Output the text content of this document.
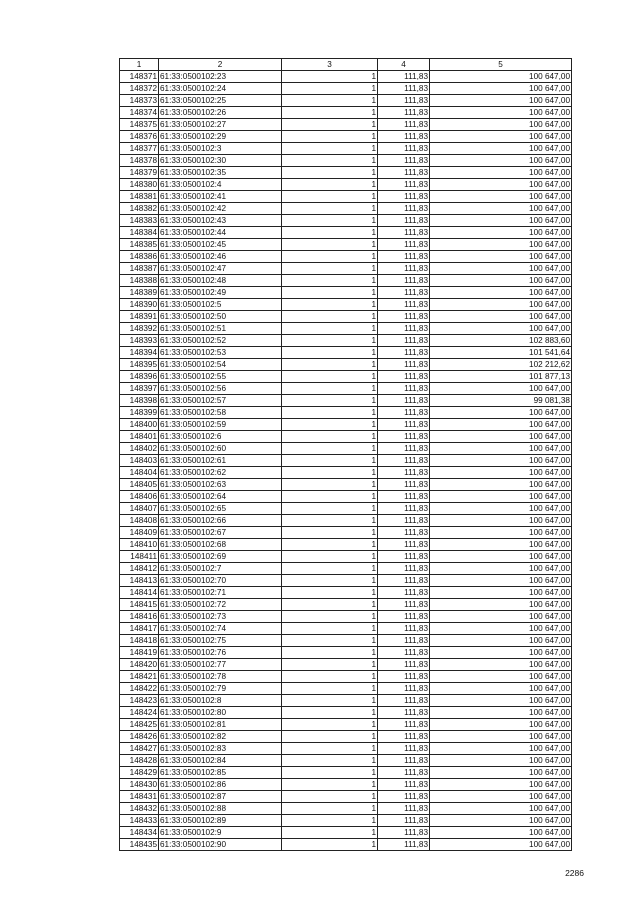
1	2	3	4	5
148371	61:33:0500102:23	1	111,83	100 647,00
148372	61:33:0500102:24	1	111,83	100 647,00
148373	61:33:0500102:25	1	111,83	100 647,00
148374	61:33:0500102:26	1	111,83	100 647,00
148375	61:33:0500102:27	1	111,83	100 647,00
148376	61:33:0500102:29	1	111,83	100 647,00
148377	61:33:0500102:3	1	111,83	100 647,00
148378	61:33:0500102:30	1	111,83	100 647,00
148379	61:33:0500102:35	1	111,83	100 647,00
148380	61:33:0500102:4	1	111,83	100 647,00
148381	61:33:0500102:41	1	111,83	100 647,00
148382	61:33:0500102:42	1	111,83	100 647,00
148383	61:33:0500102:43	1	111,83	100 647,00
148384	61:33:0500102:44	1	111,83	100 647,00
148385	61:33:0500102:45	1	111,83	100 647,00
148386	61:33:0500102:46	1	111,83	100 647,00
148387	61:33:0500102:47	1	111,83	100 647,00
148388	61:33:0500102:48	1	111,83	100 647,00
148389	61:33:0500102:49	1	111,83	100 647,00
148390	61:33:0500102:5	1	111,83	100 647,00
148391	61:33:0500102:50	1	111,83	100 647,00
148392	61:33:0500102:51	1	111,83	100 647,00
148393	61:33:0500102:52	1	111,83	102 883,60
148394	61:33:0500102:53	1	111,83	101 541,64
148395	61:33:0500102:54	1	111,83	102 212,62
148396	61:33:0500102:55	1	111,83	101 877,13
148397	61:33:0500102:56	1	111,83	100 647,00
148398	61:33:0500102:57	1	111,83	99 081,38
148399	61:33:0500102:58	1	111,83	100 647,00
148400	61:33:0500102:59	1	111,83	100 647,00
148401	61:33:0500102:6	1	111,83	100 647,00
148402	61:33:0500102:60	1	111,83	100 647,00
148403	61:33:0500102:61	1	111,83	100 647,00
148404	61:33:0500102:62	1	111,83	100 647,00
148405	61:33:0500102:63	1	111,83	100 647,00
148406	61:33:0500102:64	1	111,83	100 647,00
148407	61:33:0500102:65	1	111,83	100 647,00
148408	61:33:0500102:66	1	111,83	100 647,00
148409	61:33:0500102:67	1	111,83	100 647,00
148410	61:33:0500102:68	1	111,83	100 647,00
148411	61:33:0500102:69	1	111,83	100 647,00
148412	61:33:0500102:7	1	111,83	100 647,00
148413	61:33:0500102:70	1	111,83	100 647,00
148414	61:33:0500102:71	1	111,83	100 647,00
148415	61:33:0500102:72	1	111,83	100 647,00
148416	61:33:0500102:73	1	111,83	100 647,00
148417	61:33:0500102:74	1	111,83	100 647,00
148418	61:33:0500102:75	1	111,83	100 647,00
148419	61:33:0500102:76	1	111,83	100 647,00
148420	61:33:0500102:77	1	111,83	100 647,00
148421	61:33:0500102:78	1	111,83	100 647,00
148422	61:33:0500102:79	1	111,83	100 647,00
148423	61:33:0500102:8	1	111,83	100 647,00
148424	61:33:0500102:80	1	111,83	100 647,00
148425	61:33:0500102:81	1	111,83	100 647,00
148426	61:33:0500102:82	1	111,83	100 647,00
148427	61:33:0500102:83	1	111,83	100 647,00
148428	61:33:0500102:84	1	111,83	100 647,00
148429	61:33:0500102:85	1	111,83	100 647,00
148430	61:33:0500102:86	1	111,83	100 647,00
148431	61:33:0500102:87	1	111,83	100 647,00
148432	61:33:0500102:88	1	111,83	100 647,00
148433	61:33:0500102:89	1	111,83	100 647,00
148434	61:33:0500102:9	1	111,83	100 647,00
148435	61:33:0500102:90	1	111,83	100 647,00
2286
